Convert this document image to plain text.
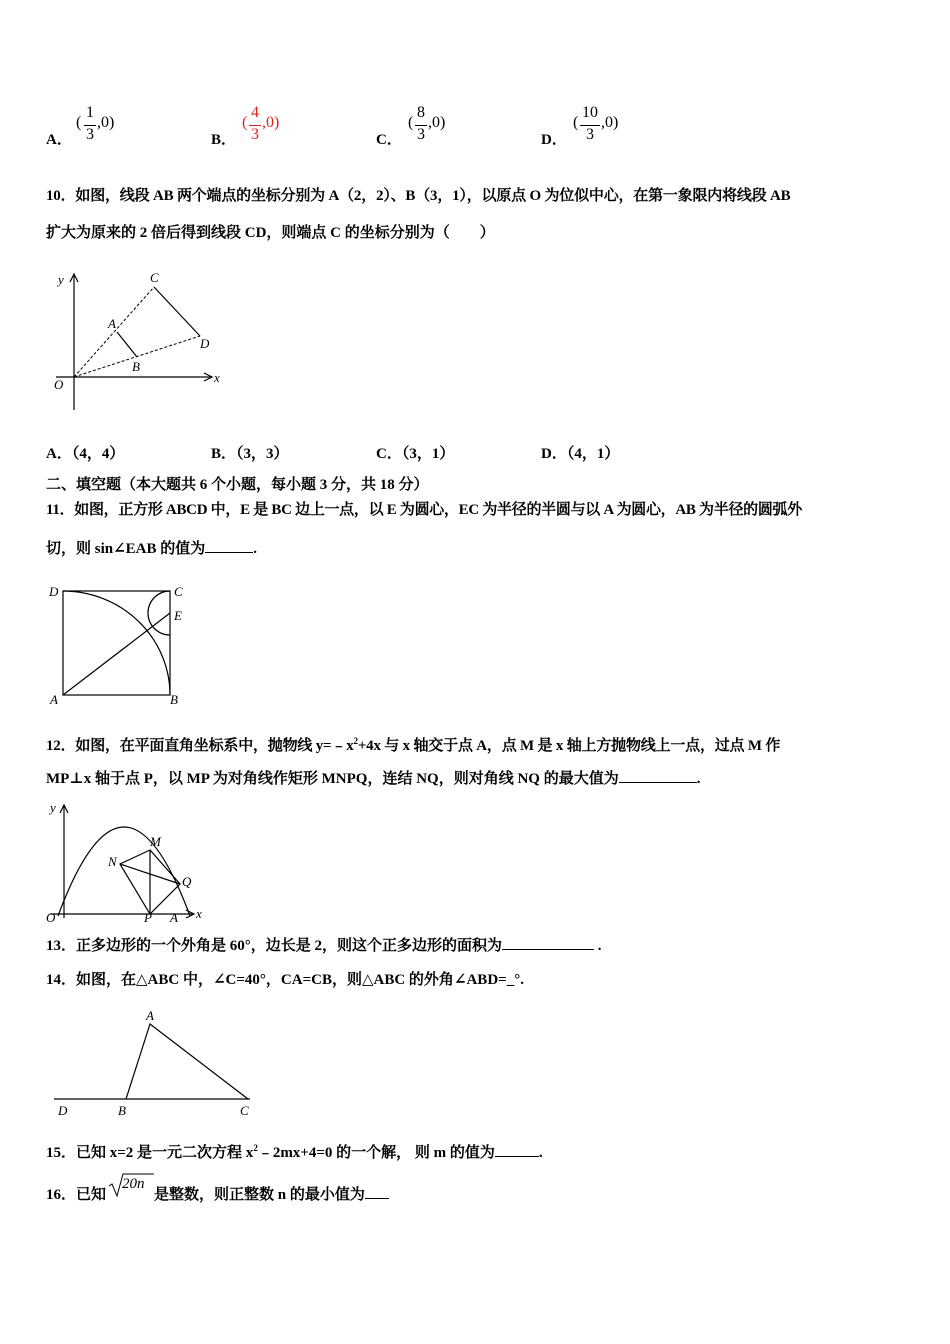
A．
(
1
3
,0)
B．
(
4
3
,0)
C．
(
8
3
,0)
D．
(
10
3
,0)
10．如图，线段 AB 两个端点的坐标分别为 A（2，2）、B（3，1），以原点 O 为位似中心，在第一象限内将线段 AB
扩大为原来的 2 倍后得到线段 CD，则端点 C 的坐标分别为（　　）
y
x
O
A
B
C
D
A．（4，4）	B．（3，3）	C．（3，1）	D．（4，1）
二、填空题（本大题共 6 个小题，每小题 3 分，共 18 分）
11．如图，正方形 ABCD 中，E 是 BC 边上一点，以 E 为圆心，EC 为半径的半圆与以 A 为圆心，AB 为半径的圆弧外
切，则 sin∠EAB 的值为	.
D	C
E
A	B
12．如图，在平面直角坐标系中，抛物线 $y=﹣x^2+4x$ 与 x 轴交于点 A，点 M 是 x 轴上方抛物线上一点，过点 M 作
MP⊥x 轴于点 P，以 MP 为对角线作矩形 MNPQ，连结 NQ，则对角线 NQ 的最大值为	.
y
x
O
M
N
P
Q
A
13．正多边形的一个外角是 60°，边长是 2，则这个正多边形的面积为	.
14．如图，在△ABC 中，∠C=40°，CA=CB，则△ABC 的外角∠ABD=_°.
A
B	C
D
15．已知 x=2 是一元二次方程 $x^2﹣2mx+4=0$ 的一个解， 则 m 的值为	.
16．已知
20n
是整数，则正整数 n 的最小值为
